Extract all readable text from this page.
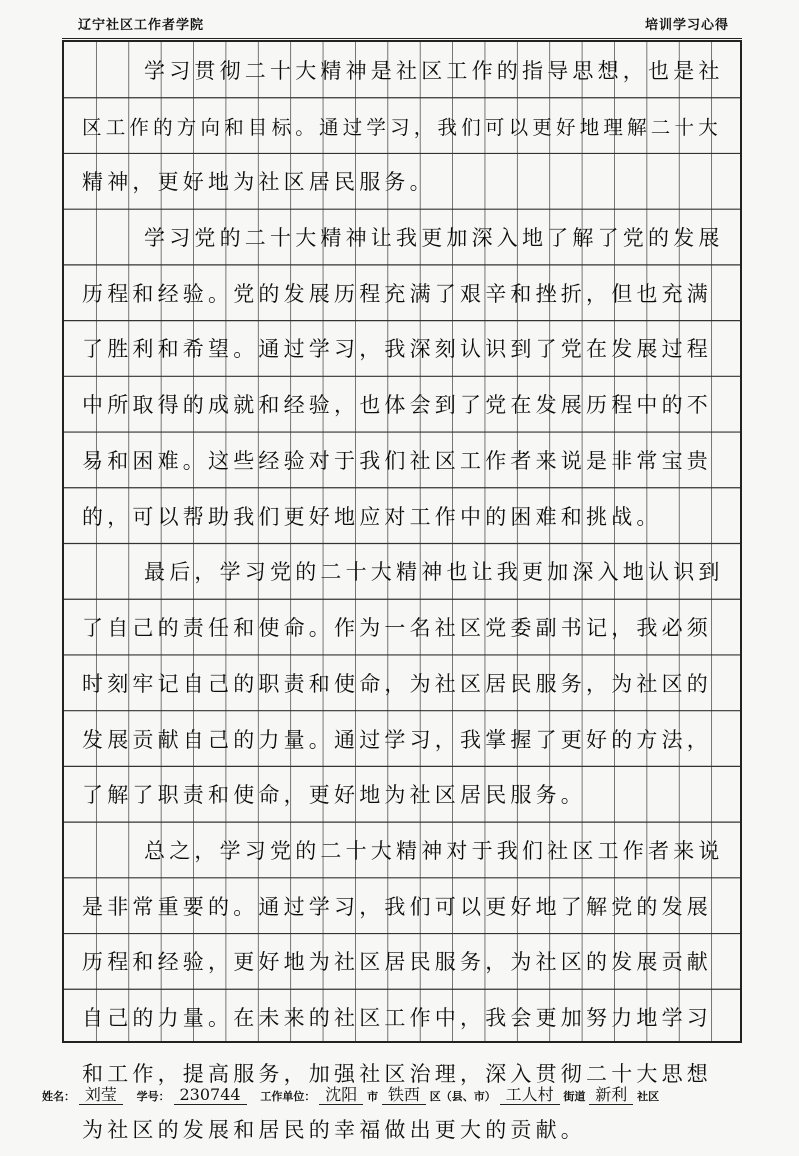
辽宁社区工作者学院	培训学习心得
学习贯彻二十大精神是社区工作的指导思想，也是社
区工作的方向和目标。通过学习，我们可以更好地理解二十大
精神，更好地为社区居民服务。
学习党的二十大精神让我更加深入地了解了党的发展
历程和经验。党的发展历程充满了艰辛和挫折，但也充满
了胜利和希望。通过学习，我深刻认识到了党在发展过程
中所取得的成就和经验，也体会到了党在发展历程中的不
易和困难。这些经验对于我们社区工作者来说是非常宝贵
的，可以帮助我们更好地应对工作中的困难和挑战。
最后，学习党的二十大精神也让我更加深入地认识到
了自己的责任和使命。作为一名社区党委副书记，我必须
时刻牢记自己的职责和使命，为社区居民服务，为社区的
发展贡献自己的力量。通过学习，我掌握了更好的方法，
了解了职责和使命，更好地为社区居民服务。
总之，学习党的二十大精神对于我们社区工作者来说
是非常重要的。通过学习，我们可以更好地了解党的发展
历程和经验，更好地为社区居民服务，为社区的发展贡献
自己的力量。在未来的社区工作中，我会更加努力地学习
和工作，提高服务，加强社区治理，深入贯彻二十大思想
为社区的发展和居民的幸福做出更大的贡献。
姓名： 刘莹 学号： 230744 工作单位： 沈阳 市 铁西 区（县、市） 工人村 街道 新利 社区
